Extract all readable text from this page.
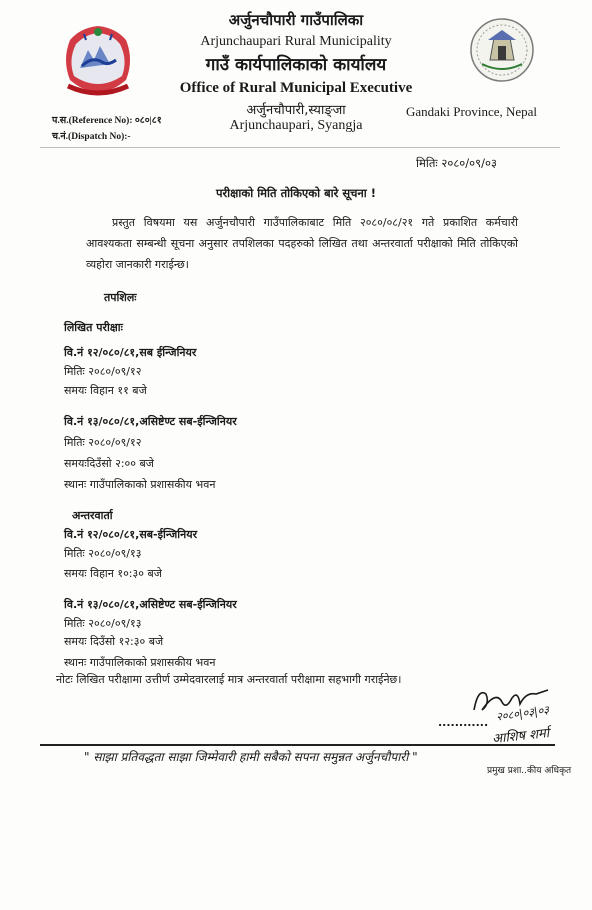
अर्जुनचौपारी गाउँपालिका
Arjunchaupari Rural Municipality
गाउँ कार्यपालिकाको कार्यालय
Office of Rural Municipal Executive
अर्जुनचौपारी,स्याङ्जा
Arjunchaupari, Syangja
Gandaki Province, Nepal
प.स.(Reference No): ०८०|८१
च.नं.(Dispatch No):-
मितिः २०८०/०९/०३
परीक्षाको मिति तोकिएको बारे सूचना !
प्रस्तुत विषयमा यस अर्जुनचौपारी गाउँपालिकाबाट मिति २०८०/०८/२१ गते प्रकाशित कर्मचारी आवश्यकता सम्बन्धी सूचना अनुसार तपशिलका पदहरुको लिखित तथा अन्तरवार्ता परीक्षाको मिति तोकिएको व्यहोरा जानकारी गराईन्छ।
तपशिलः
लिखित परीक्षाः
वि.नं १२/०८०/८१,सब ईन्जिनियर
मितिः २०८०/०९/१२
समयः विहान ११ बजे
वि.नं १३/०८०/८१,असिष्टेण्ट सब-ईन्जिनियर
मितिः २०८०/०९/१२
समयःदिउँसो २:०० बजे
स्थानः गाउँपालिकाको प्रशासकीय भवन
अन्तरवार्ता
वि.नं १२/०८०/८१,सब-ईन्जिनियर
मितिः २०८०/०९/१३
समयः विहान १०:३० बजे
वि.नं १३/०८०/८१,असिष्टेण्ट सब-ईन्जिनियर
मितिः २०८०/०९/१३
समयः दिउँसो १२:३० बजे
स्थानः गाउँपालिकाको प्रशासकीय भवन
नोटः लिखित परीक्षामा उत्तीर्ण उम्मेदवारलाई मात्र अन्तरवार्ता परीक्षामा सहभागी गराईनेछ।
............ २०८०|०३|०३
आशिष शर्मा
प्रमुख प्रशा..कीय अधिकृत
" साझा प्रतिवद्धता साझा जिम्मेवारी हामी सबैको सपना समुन्नत अर्जुनचौपारी "
